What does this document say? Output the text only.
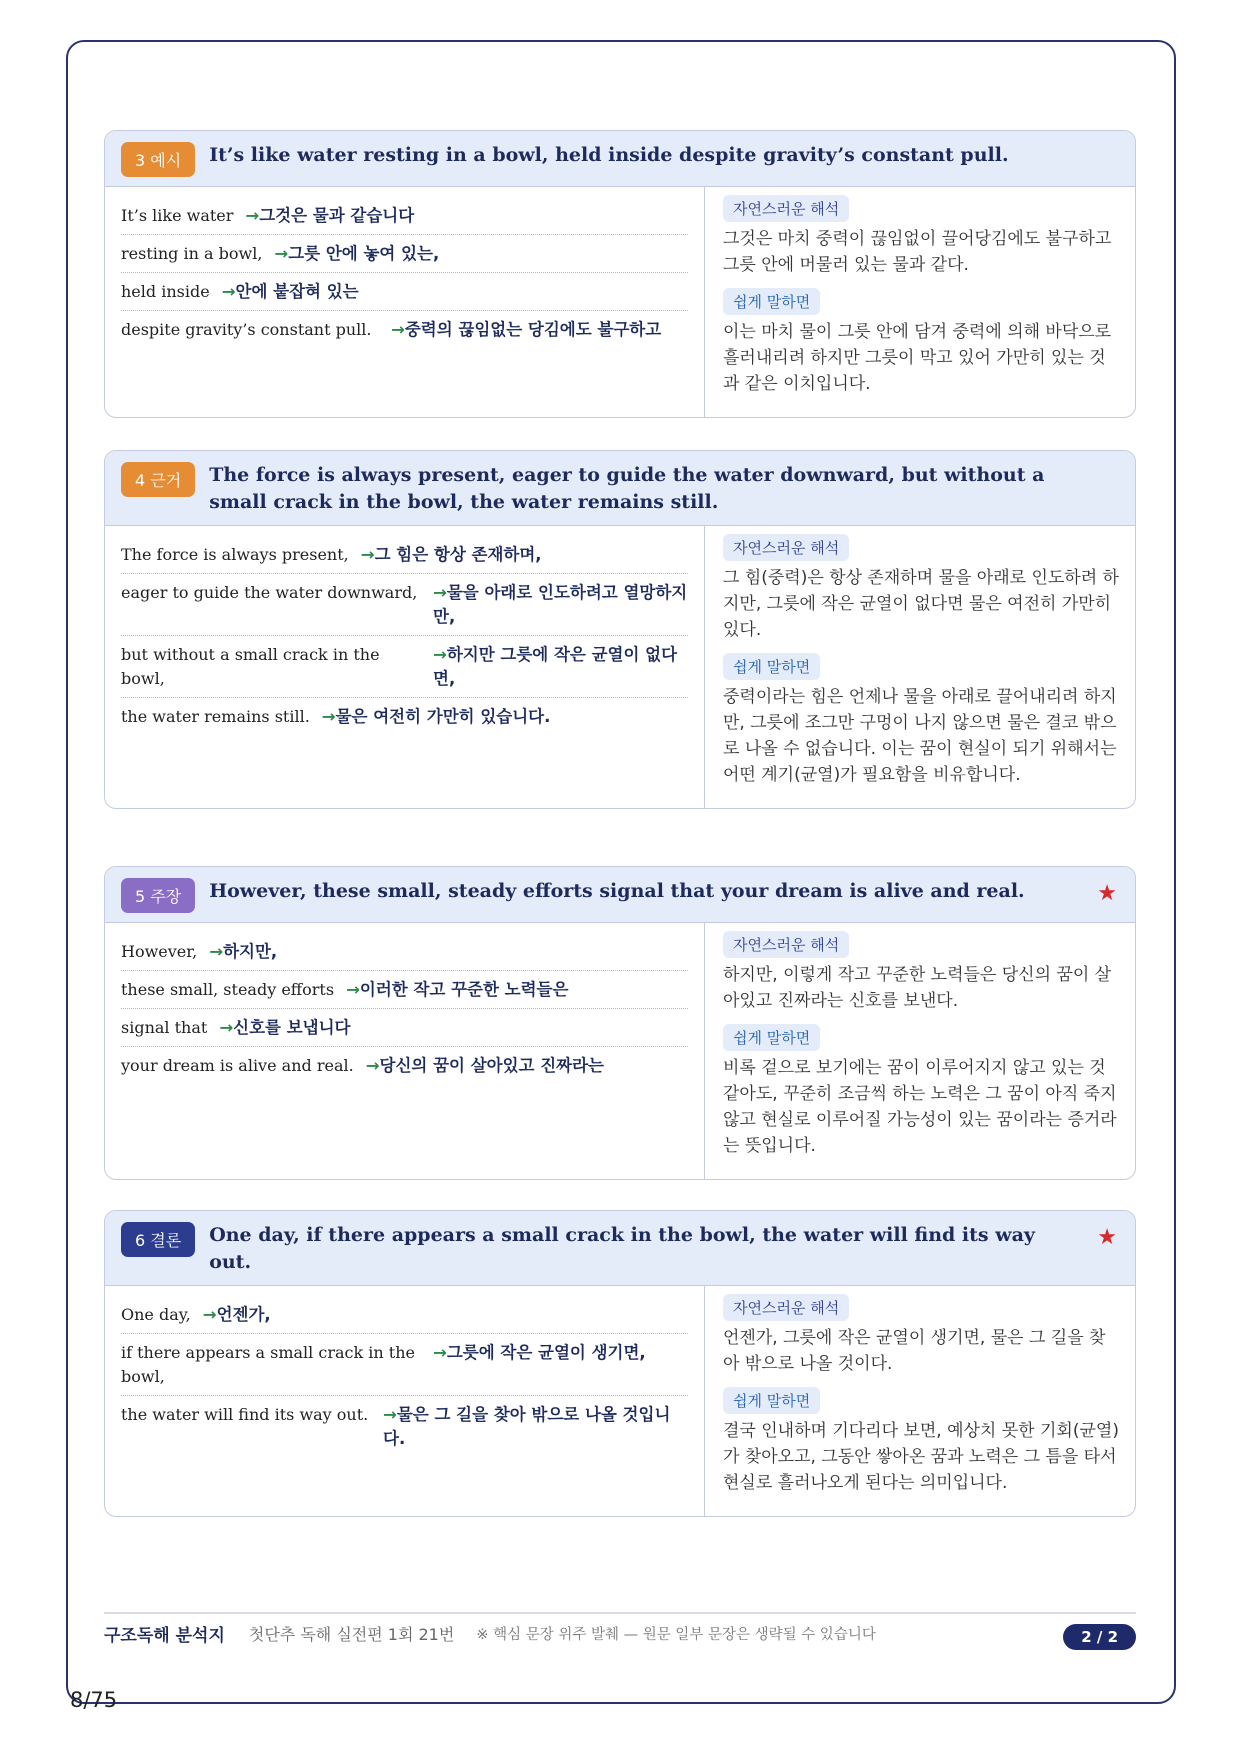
3 예시	It’s like water resting in a bowl, held inside despite gravity’s constant pull.
It’s like water →그것은 물과 같습니다
resting in a bowl, →그릇 안에 놓여 있는,
held inside →안에 붙잡혀 있는
despite gravity’s constant pull.	→중력의 끊임없는 당김에도 불구하고
자연스러운 해석
그것은 마치 중력이 끊임없이 끌어당김에도 불구하고 그릇 안에 머물러 있는 물과 같다.
쉽게 말하면
이는 마치 물이 그릇 안에 담겨 중력에 의해 바닥으로 흘러내리려 하지만 그릇이 막고 있어 가만히 있는 것과 같은 이치입니다.
4 근거	The force is always present, eager to guide the water downward, but without a small crack in the bowl, the water remains still.
The force is always present, →그 힘은 항상 존재하며,
eager to guide the water downward, →물을 아래로 인도하려고 열망하지만,
but without a small crack in the bowl,
→하지만 그릇에 작은 균열이 없다면,
the water remains still. →물은 여전히 가만히 있습니다.
자연스러운 해석
그 힘(중력)은 항상 존재하며 물을 아래로 인도하려 하지만, 그릇에 작은 균열이 없다면 물은 여전히 가만히 있다.
쉽게 말하면
중력이라는 힘은 언제나 물을 아래로 끌어내리려 하지만, 그릇에 조그만 구멍이 나지 않으면 물은 결코 밖으로 나올 수 없습니다. 이는 꿈이 현실이 되기 위해서는 어떤 계기(균열)가 필요함을 비유합니다.
5 주장	However, these small, steady efforts signal that your dream is alive and real.	★
However, →하지만,
these small, steady efforts →이러한 작고 꾸준한 노력들은
signal that →신호를 보냅니다
your dream is alive and real. →당신의 꿈이 살아있고 진짜라는
자연스러운 해석
하지만, 이렇게 작고 꾸준한 노력들은 당신의 꿈이 살아있고 진짜라는 신호를 보낸다.
쉽게 말하면
비록 겉으로 보기에는 꿈이 이루어지지 않고 있는 것 같아도, 꾸준히 조금씩 하는 노력은 그 꿈이 아직 죽지 않고 현실로 이루어질 가능성이 있는 꿈이라는 증거라는 뜻입니다.
6 결론	One day, if there appears a small crack in the bowl, the water will find its way out.
★
One day, →언젠가,
if there appears a small crack in the bowl,
→그릇에 작은 균열이 생기면,
the water will find its way out. →물은 그 길을 찾아 밖으로 나올 것입니다.
자연스러운 해석
언젠가, 그릇에 작은 균열이 생기면, 물은 그 길을 찾아 밖으로 나올 것이다.
쉽게 말하면
결국 인내하며 기다리다 보면, 예상치 못한 기회(균열)가 찾아오고, 그동안 쌓아온 꿈과 노력은 그 틈을 타서 현실로 흘러나오게 된다는 의미입니다.
구조독해 분석지 첫단추 독해 실전편 1회 21번 ※ 핵심 문장 위주 발췌 — 원문 일부 문장은 생략될 수 있습니다	2 / 2
8/75
